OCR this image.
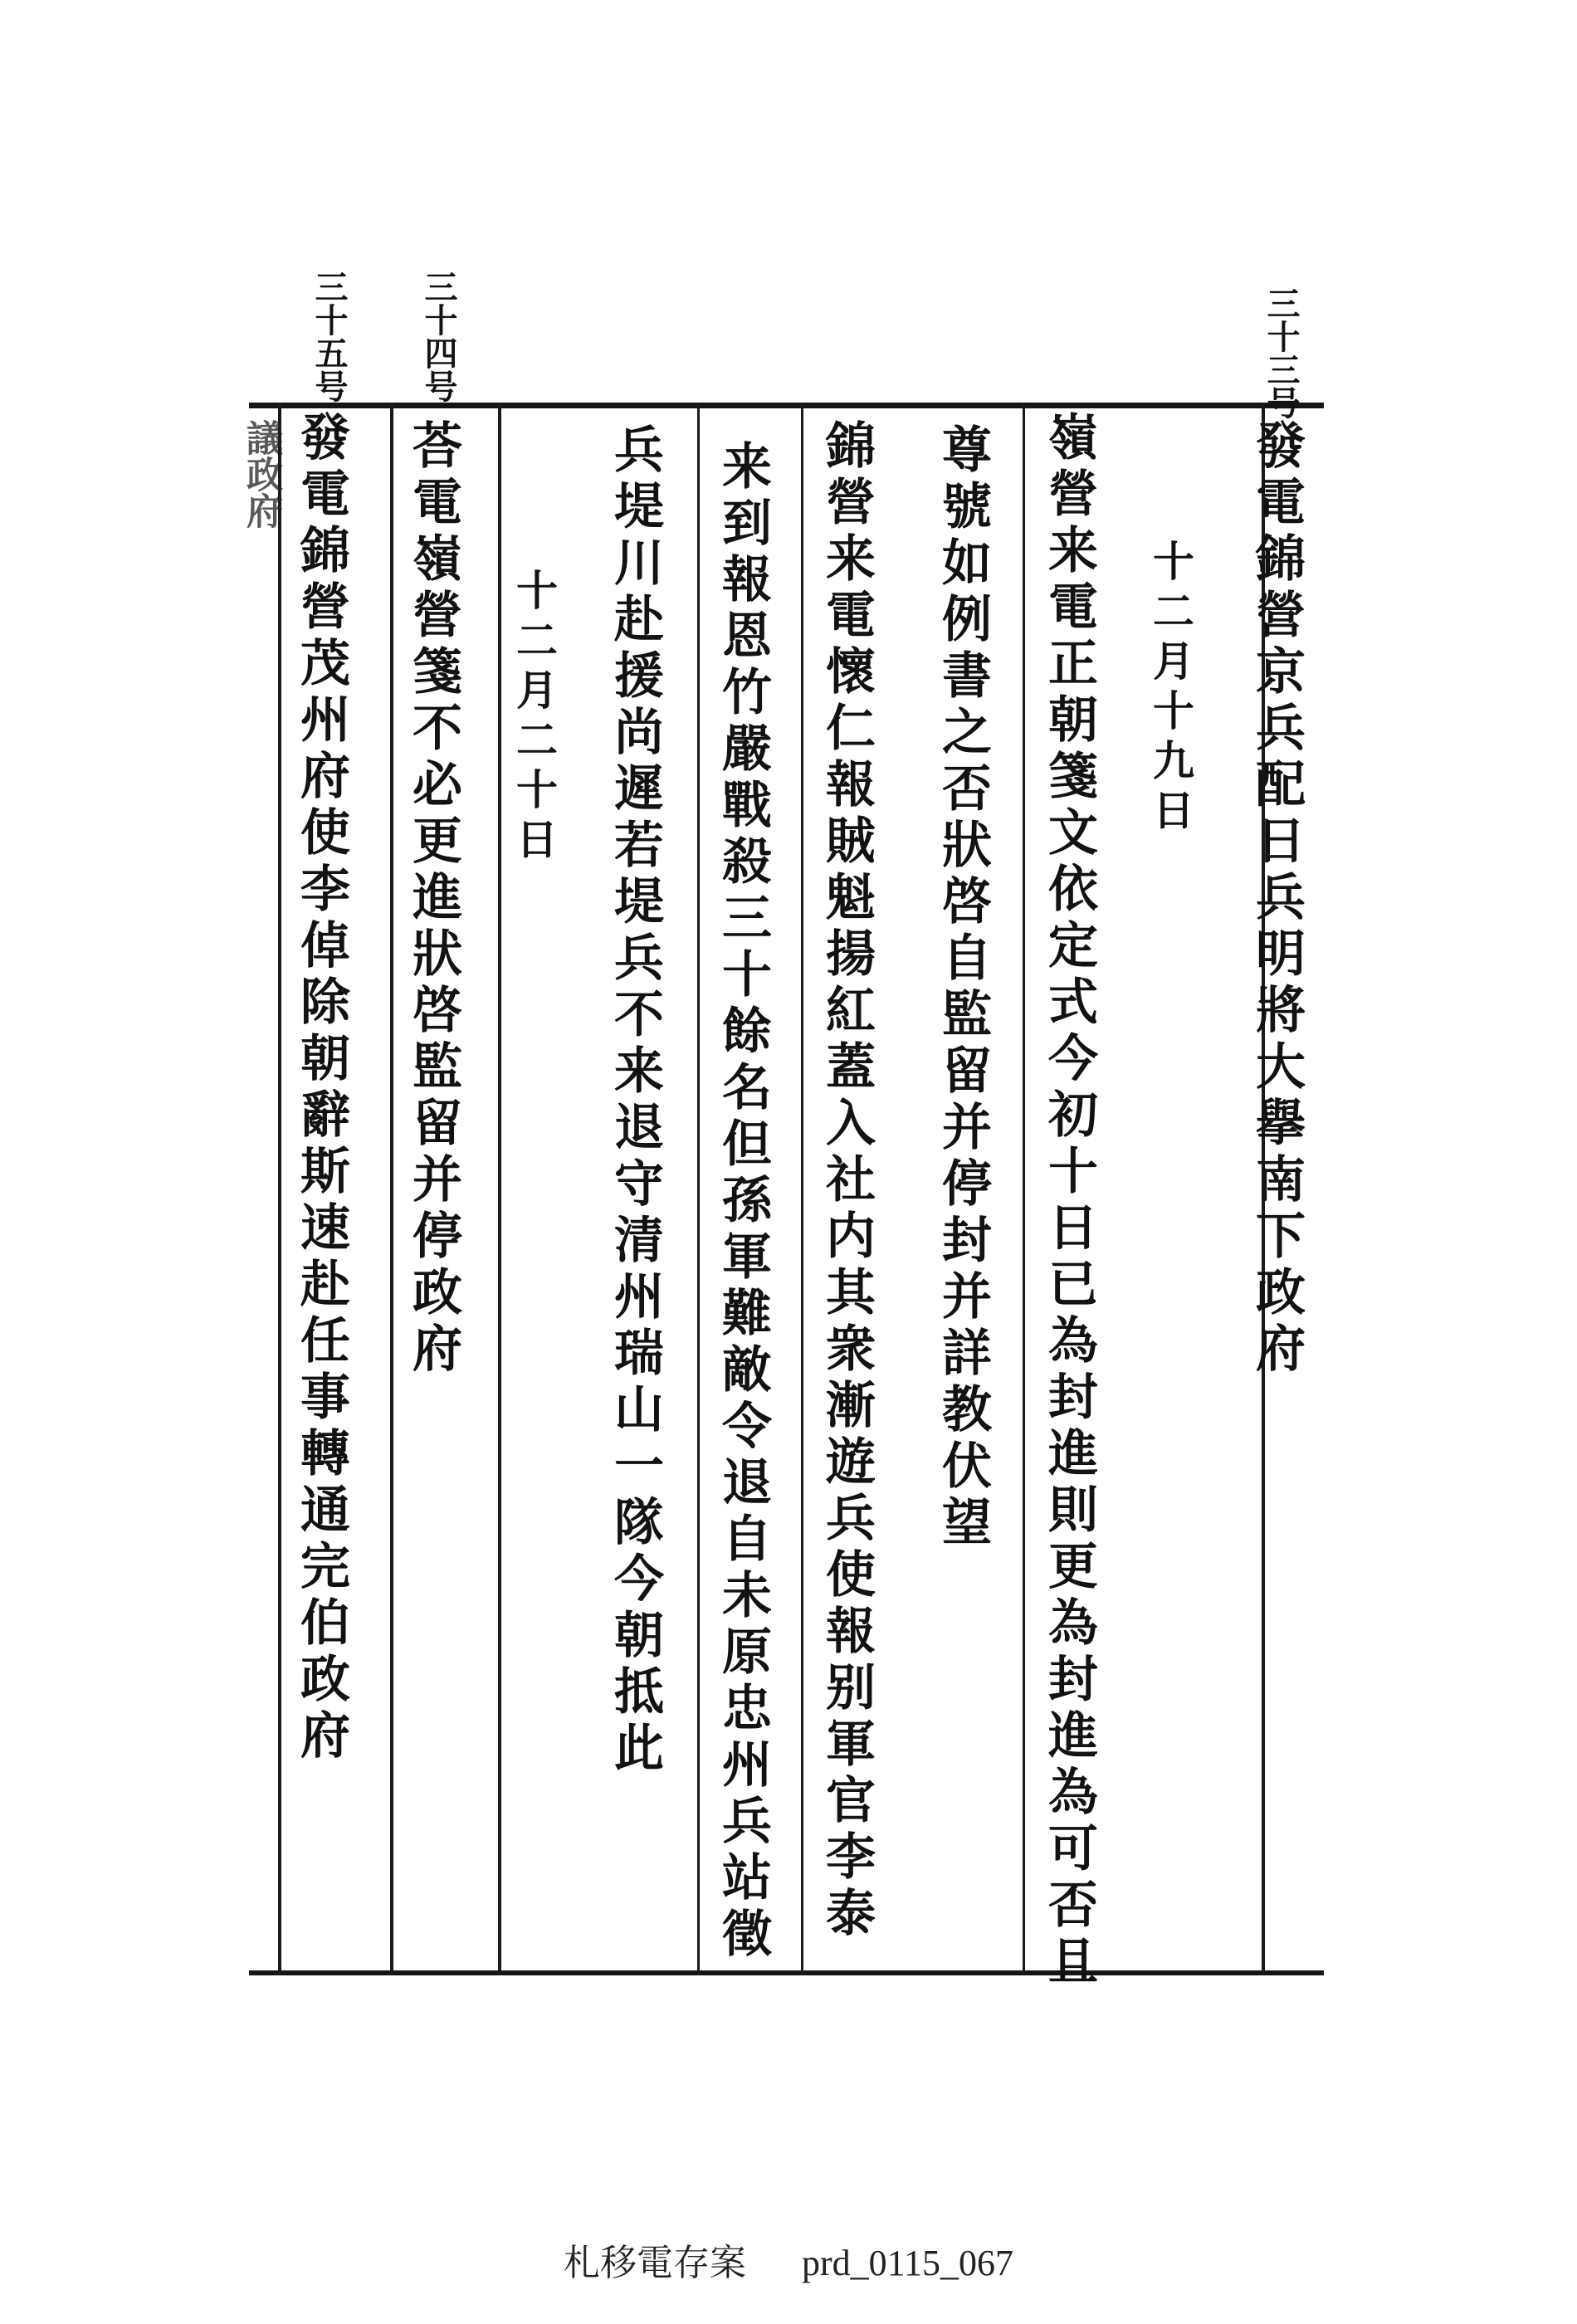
三十三号
三十四号
三十五号
發電錦營京兵配日兵明將大擧南下政府
十二月十九日
嶺營来電正朝箋文依定式今初十日已為封進則更為封進為可否且
尊號如例書之否狀啓自監留并停封并詳教伏望
錦營来電懷仁報賊魁揚紅蓋入社内其衆漸遊兵使報别軍官李泰
来到報恩竹嚴戰殺三十餘名但孫軍難敵令退自未原忠州兵站徵
兵堤川赴援尚遲若堤兵不来退守清州瑞山一隊今朝抵此
十二月二十日
荅電嶺營箋不必更進狀啓監留并停政府
發電錦營茂州府使李倬除朝辭斯速赴任事轉通完伯政府
議政府
札移電存案 prd_0115_067
